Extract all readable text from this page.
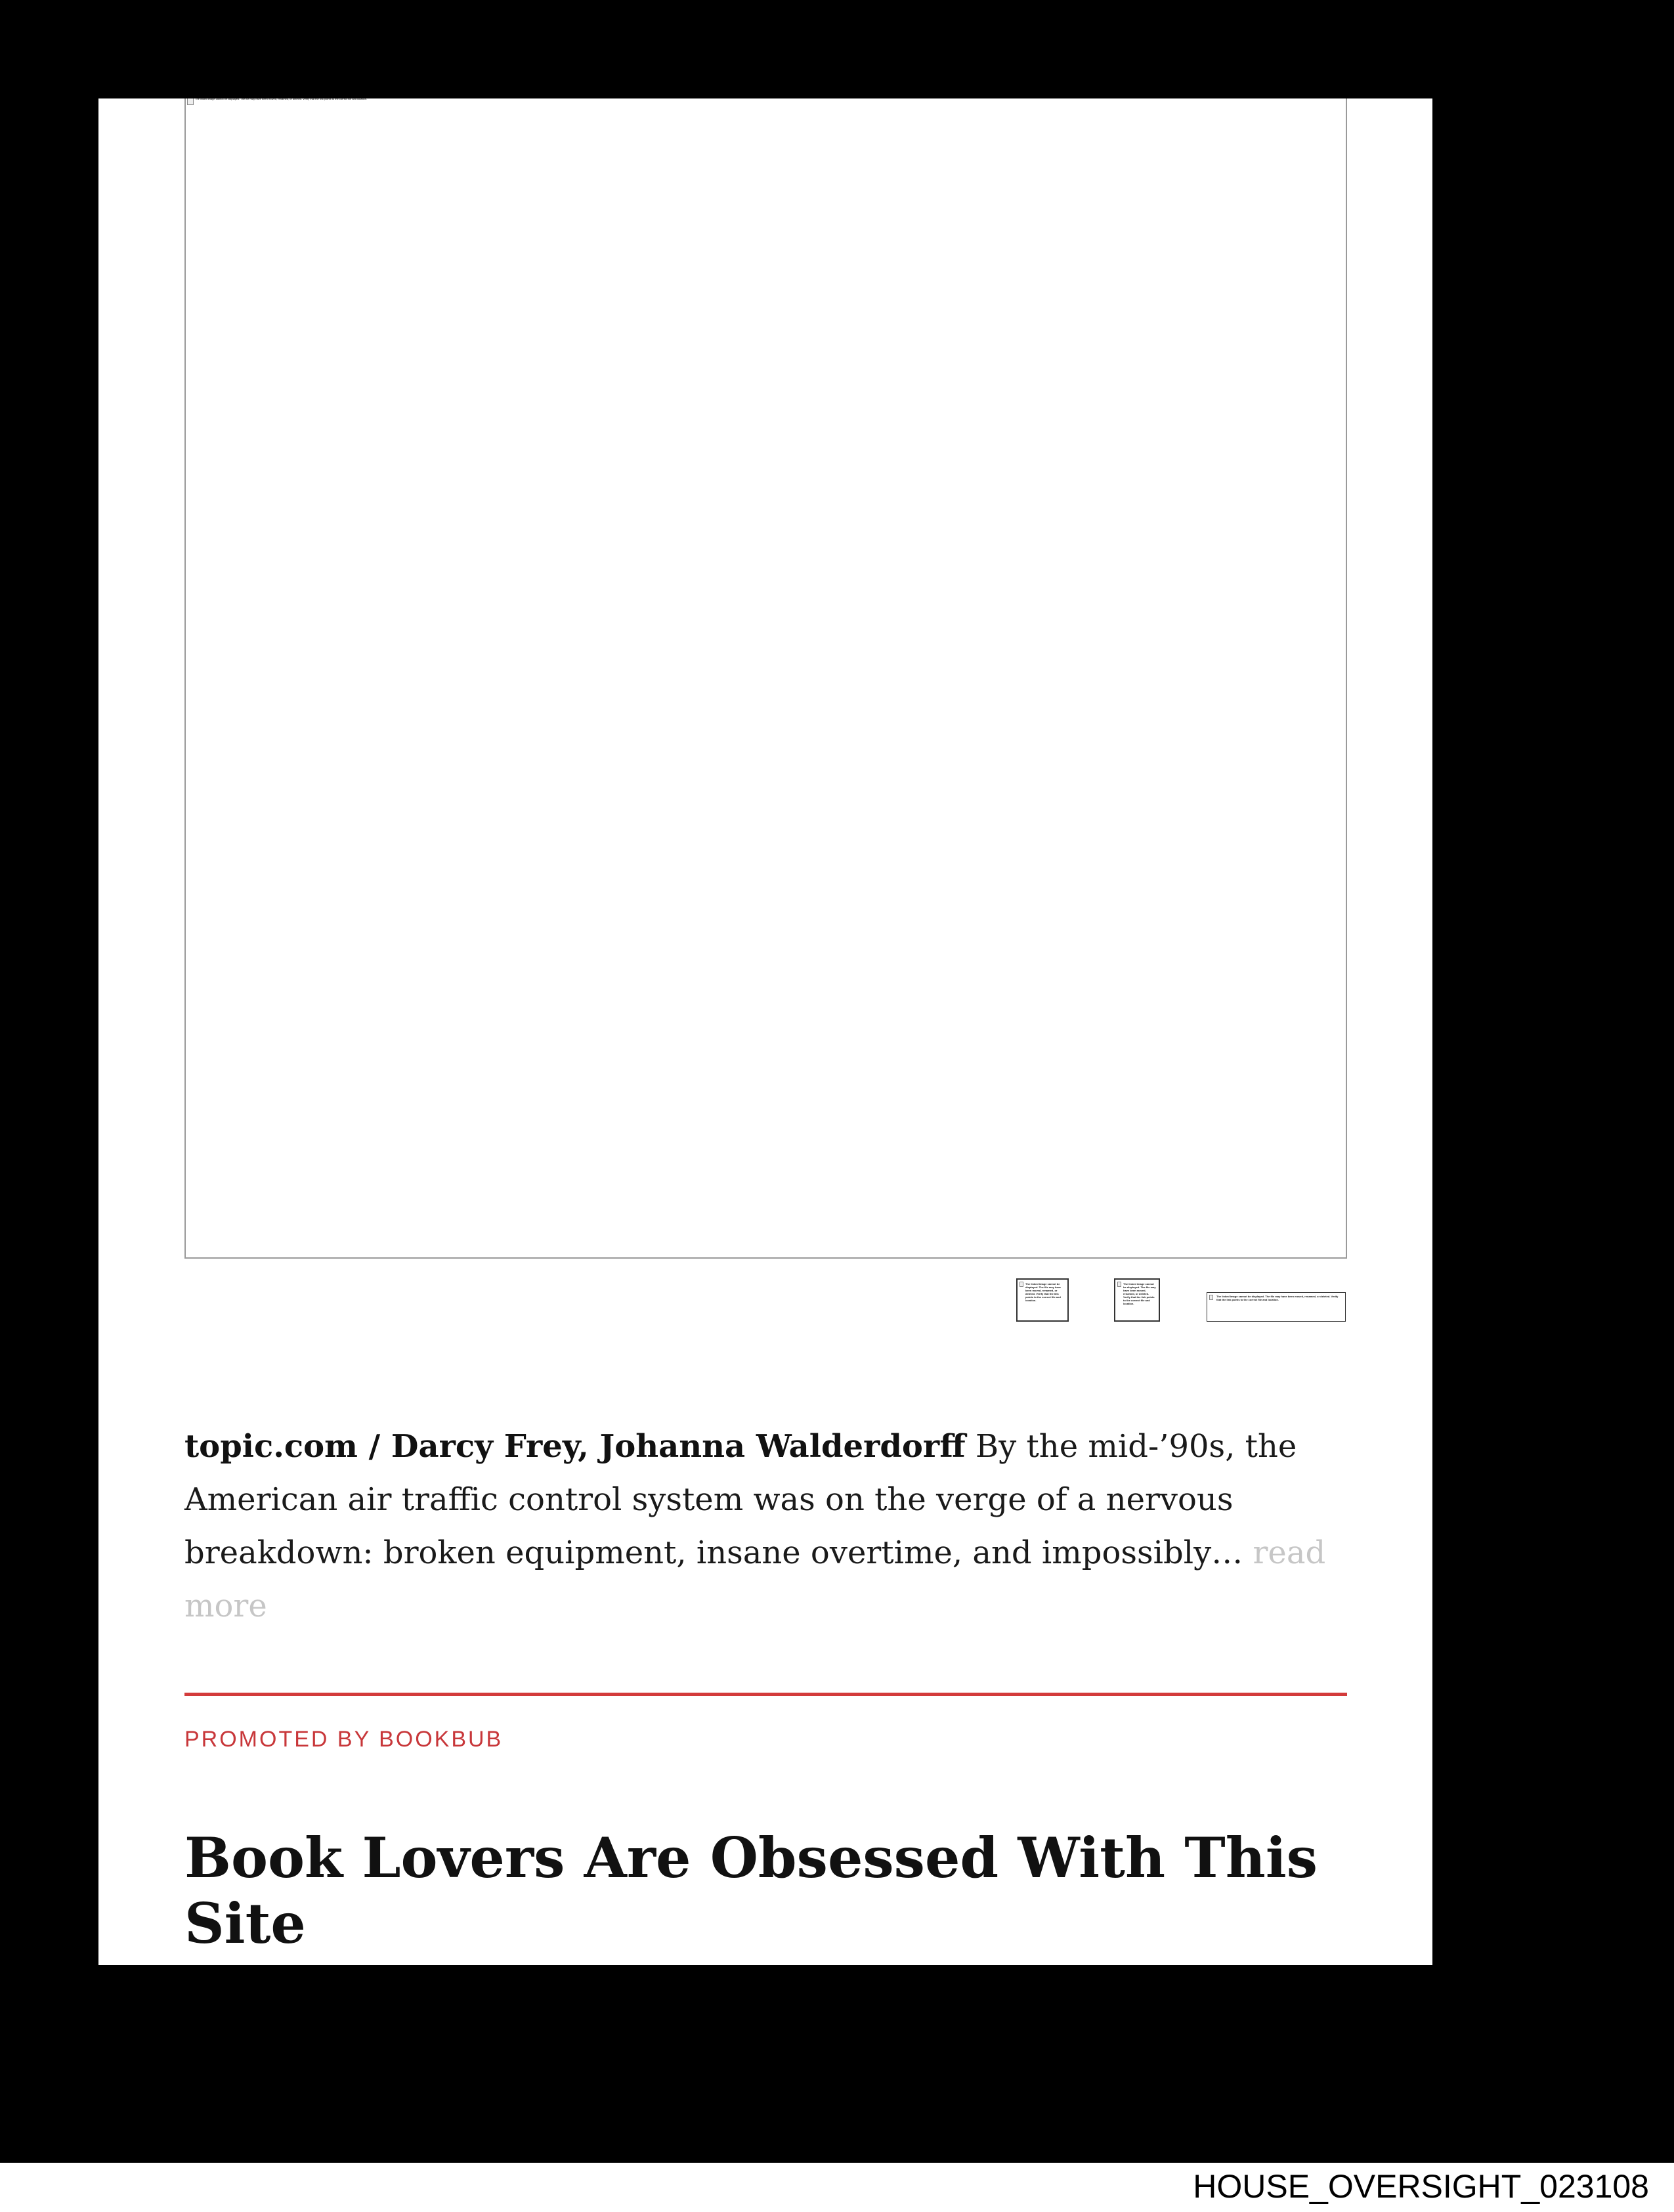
The linked image cannot be displayed. The file may have been moved, renamed, or deleted. Verify that the link points to the correct file and location.
The linked image cannot be displayed. The file may have been moved, renamed, or deleted. Verify that the link points to the correct file and location.
The linked image cannot be displayed. The file may have been moved, renamed, or deleted. Verify that the link points to the correct file and location.
The linked image cannot be displayed. The file may have been moved, renamed, or deleted. Verify that the link points to the correct file and location.

topic.com / Darcy Frey, Johanna Walderdorff By the mid-’90s, the American air traffic control system was on the verge of a nervous breakdown: broken equipment, insane overtime, and impossibly… read more

PROMOTED BY BOOKBUB
Book Lovers Are Obsessed With This Site
HOUSE_OVERSIGHT_023108
